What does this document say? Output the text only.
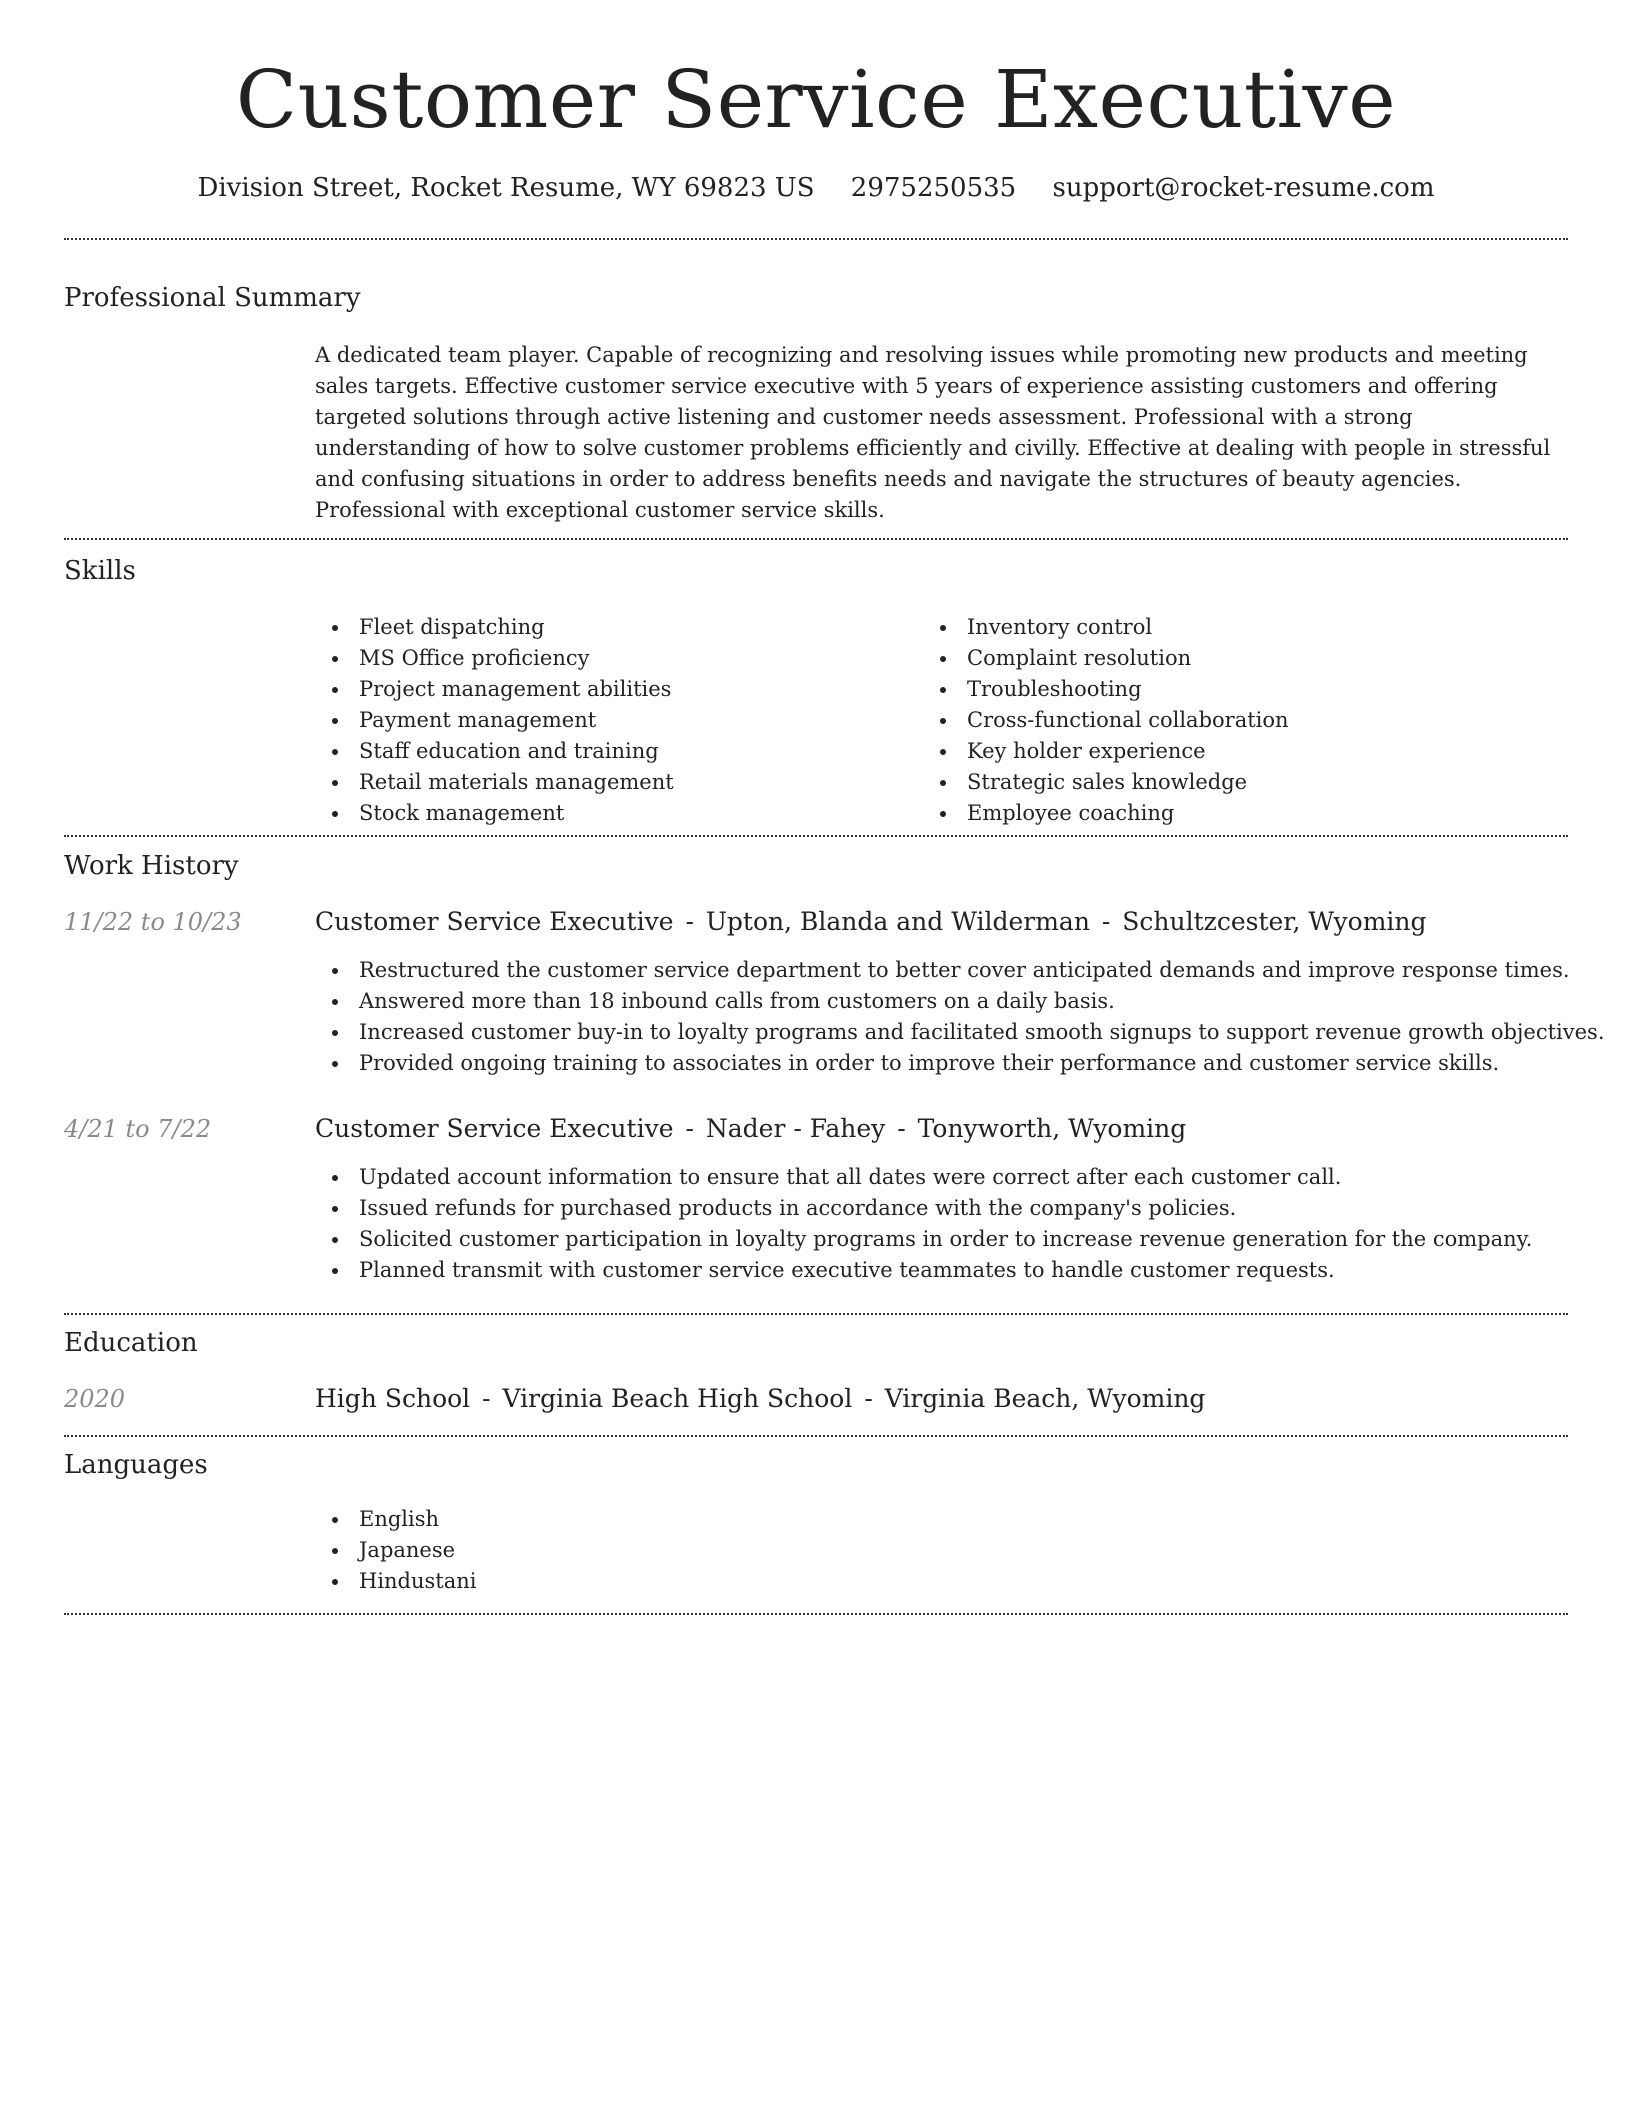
Customer Service Executive
Division Street, Rocket Resume, WY 69823 US 2975250535 support@rocket-resume.com
Professional Summary
A dedicated team player. Capable of recognizing and resolving issues while promoting new products and meeting sales targets. Effective customer service executive with 5 years of experience assisting customers and offering targeted solutions through active listening and customer needs assessment. Professional with a strong understanding of how to solve customer problems efficiently and civilly. Effective at dealing with people in stressful and confusing situations in order to address benefits needs and navigate the structures of beauty agencies. Professional with exceptional customer service skills.
Skills
Fleet dispatching
MS Office proficiency
Project management abilities
Payment management
Staff education and training
Retail materials management
Stock management
Inventory control
Complaint resolution
Troubleshooting
Cross-functional collaboration
Key holder experience
Strategic sales knowledge
Employee coaching
Work History
11/22 to 10/23	Customer Service Executive - Upton, Blanda and Wilderman - Schultzcester, Wyoming
Restructured the customer service department to better cover anticipated demands and improve response times.
Answered more than 18 inbound calls from customers on a daily basis.
Increased customer buy-in to loyalty programs and facilitated smooth signups to support revenue growth objectives.
Provided ongoing training to associates in order to improve their performance and customer service skills.
4/21 to 7/22	Customer Service Executive - Nader - Fahey - Tonyworth, Wyoming
Updated account information to ensure that all dates were correct after each customer call.
Issued refunds for purchased products in accordance with the company's policies.
Solicited customer participation in loyalty programs in order to increase revenue generation for the company.
Planned transmit with customer service executive teammates to handle customer requests.
Education
2020	High School - Virginia Beach High School - Virginia Beach, Wyoming
Languages
English
Japanese
Hindustani
